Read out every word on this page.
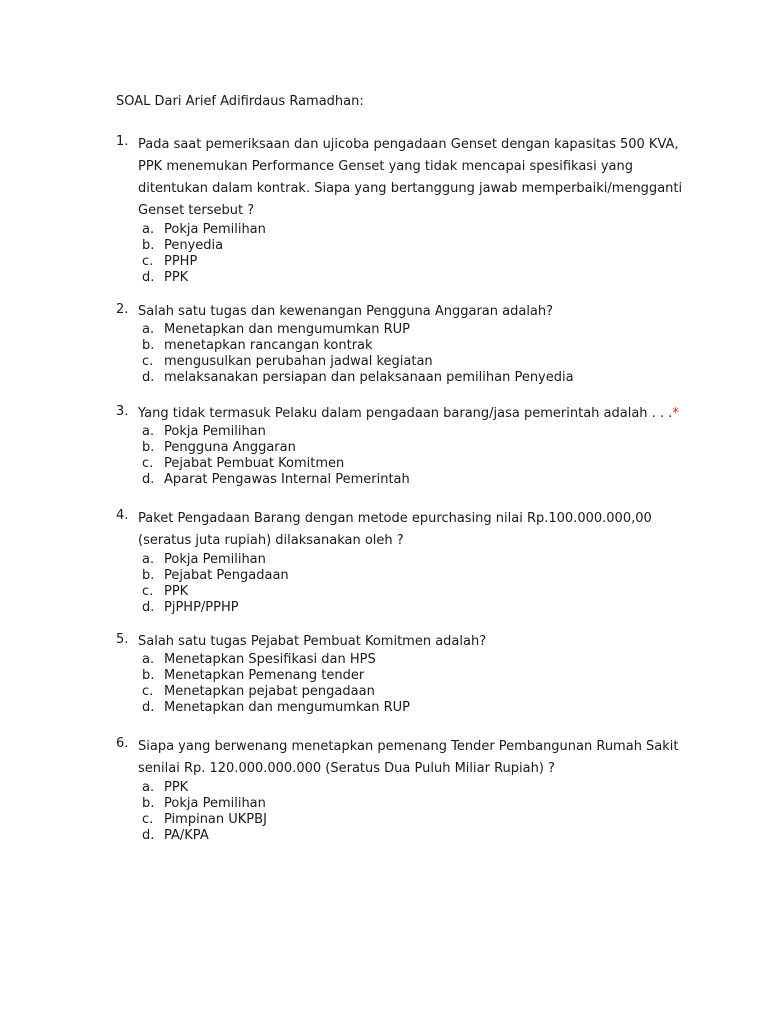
SOAL Dari Arief Adifirdaus Ramadhan:
1. Pada saat pemeriksaan dan ujicoba pengadaan Genset dengan kapasitas 500 KVA,
PPK menemukan Performance Genset yang tidak mencapai spesifikasi yang
ditentukan dalam kontrak. Siapa yang bertanggung jawab memperbaiki/mengganti
Genset tersebut ?
a. Pokja Pemilihan
b. Penyedia
c. PPHP
d. PPK
2. Salah satu tugas dan kewenangan Pengguna Anggaran adalah?
a. Menetapkan dan mengumumkan RUP
b. menetapkan rancangan kontrak
c. mengusulkan perubahan jadwal kegiatan
d. melaksanakan persiapan dan pelaksanaan pemilihan Penyedia
3. Yang tidak termasuk Pelaku dalam pengadaan barang/jasa pemerintah adalah . . .*
a. Pokja Pemilihan
b. Pengguna Anggaran
c. Pejabat Pembuat Komitmen
d. Aparat Pengawas Internal Pemerintah
4. Paket Pengadaan Barang dengan metode epurchasing nilai Rp.100.000.000,00
(seratus juta rupiah) dilaksanakan oleh ?
a. Pokja Pemilihan
b. Pejabat Pengadaan
c. PPK
d. PjPHP/PPHP
5. Salah satu tugas Pejabat Pembuat Komitmen adalah?
a. Menetapkan Spesifikasi dan HPS
b. Menetapkan Pemenang tender
c. Menetapkan pejabat pengadaan
d. Menetapkan dan mengumumkan RUP
6. Siapa yang berwenang menetapkan pemenang Tender Pembangunan Rumah Sakit
senilai Rp. 120.000.000.000 (Seratus Dua Puluh Miliar Rupiah) ?
a. PPK
b. Pokja Pemilihan
c. Pimpinan UKPBJ
d. PA/KPA
